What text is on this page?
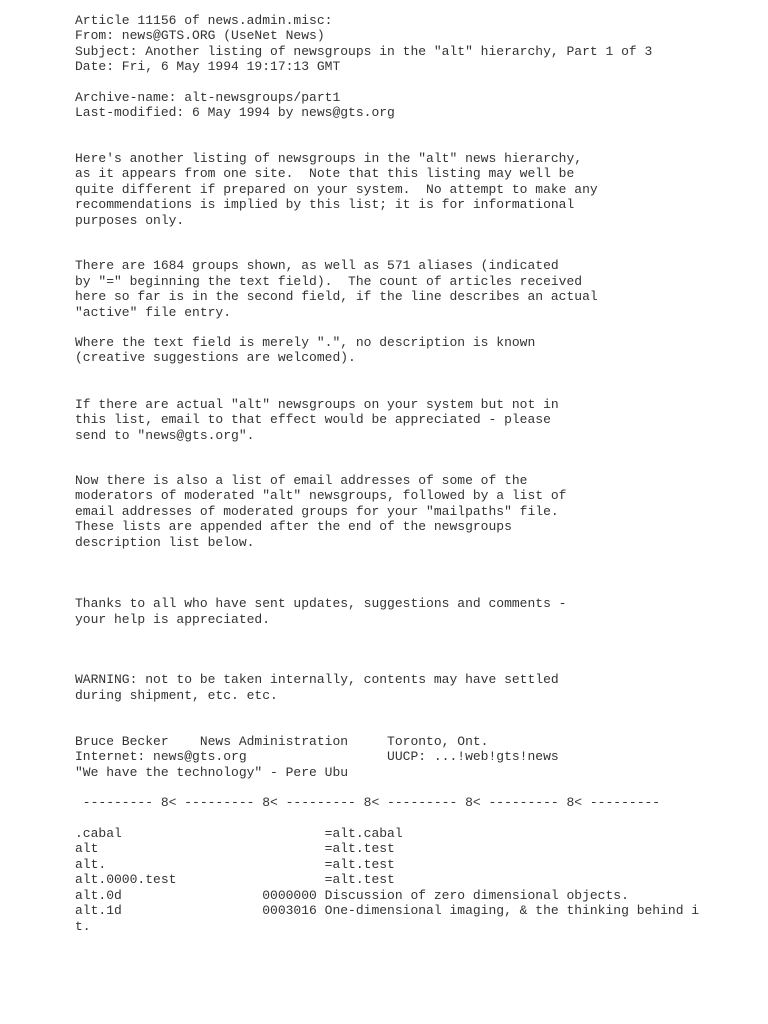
Article 11156 of news.admin.misc:
From: news@GTS.ORG (UseNet News)
Subject: Another listing of newsgroups in the "alt" hierarchy, Part 1 of 3
Date: Fri, 6 May 1994 19:17:13 GMT
Archive-name: alt-newsgroups/part1
Last-modified: 6 May 1994 by news@gts.org
Here's another listing of newsgroups in the "alt" news hierarchy,
as it appears from one site.  Note that this listing may well be
quite different if prepared on your system.  No attempt to make any
recommendations is implied by this list; it is for informational
purposes only.
There are 1684 groups shown, as well as 571 aliases (indicated
by "=" beginning the text field).  The count of articles received
here so far is in the second field, if the line describes an actual
"active" file entry.
Where the text field is merely ".", no description is known
(creative suggestions are welcomed).
If there are actual "alt" newsgroups on your system but not in
this list, email to that effect would be appreciated - please
send to "news@gts.org".
Now there is also a list of email addresses of some of the
moderators of moderated "alt" newsgroups, followed by a list of
email addresses of moderated groups for your "mailpaths" file.
These lists are appended after the end of the newsgroups
description list below.
Thanks to all who have sent updates, suggestions and comments -
your help is appreciated.
WARNING: not to be taken internally, contents may have settled
during shipment, etc. etc.
Bruce Becker    News Administration     Toronto, Ont.
Internet: news@gts.org                  UUCP: ...!web!gts!news
"We have the technology" - Pere Ubu
--------- 8< --------- 8< --------- 8< --------- 8< --------- 8< ---------
.cabal                          =alt.cabal
alt                             =alt.test
alt.                            =alt.test
alt.0000.test                   =alt.test
alt.0d                  0000000 Discussion of zero dimensional objects.
alt.1d                  0003016 One-dimensional imaging, & the thinking behind i
t.
